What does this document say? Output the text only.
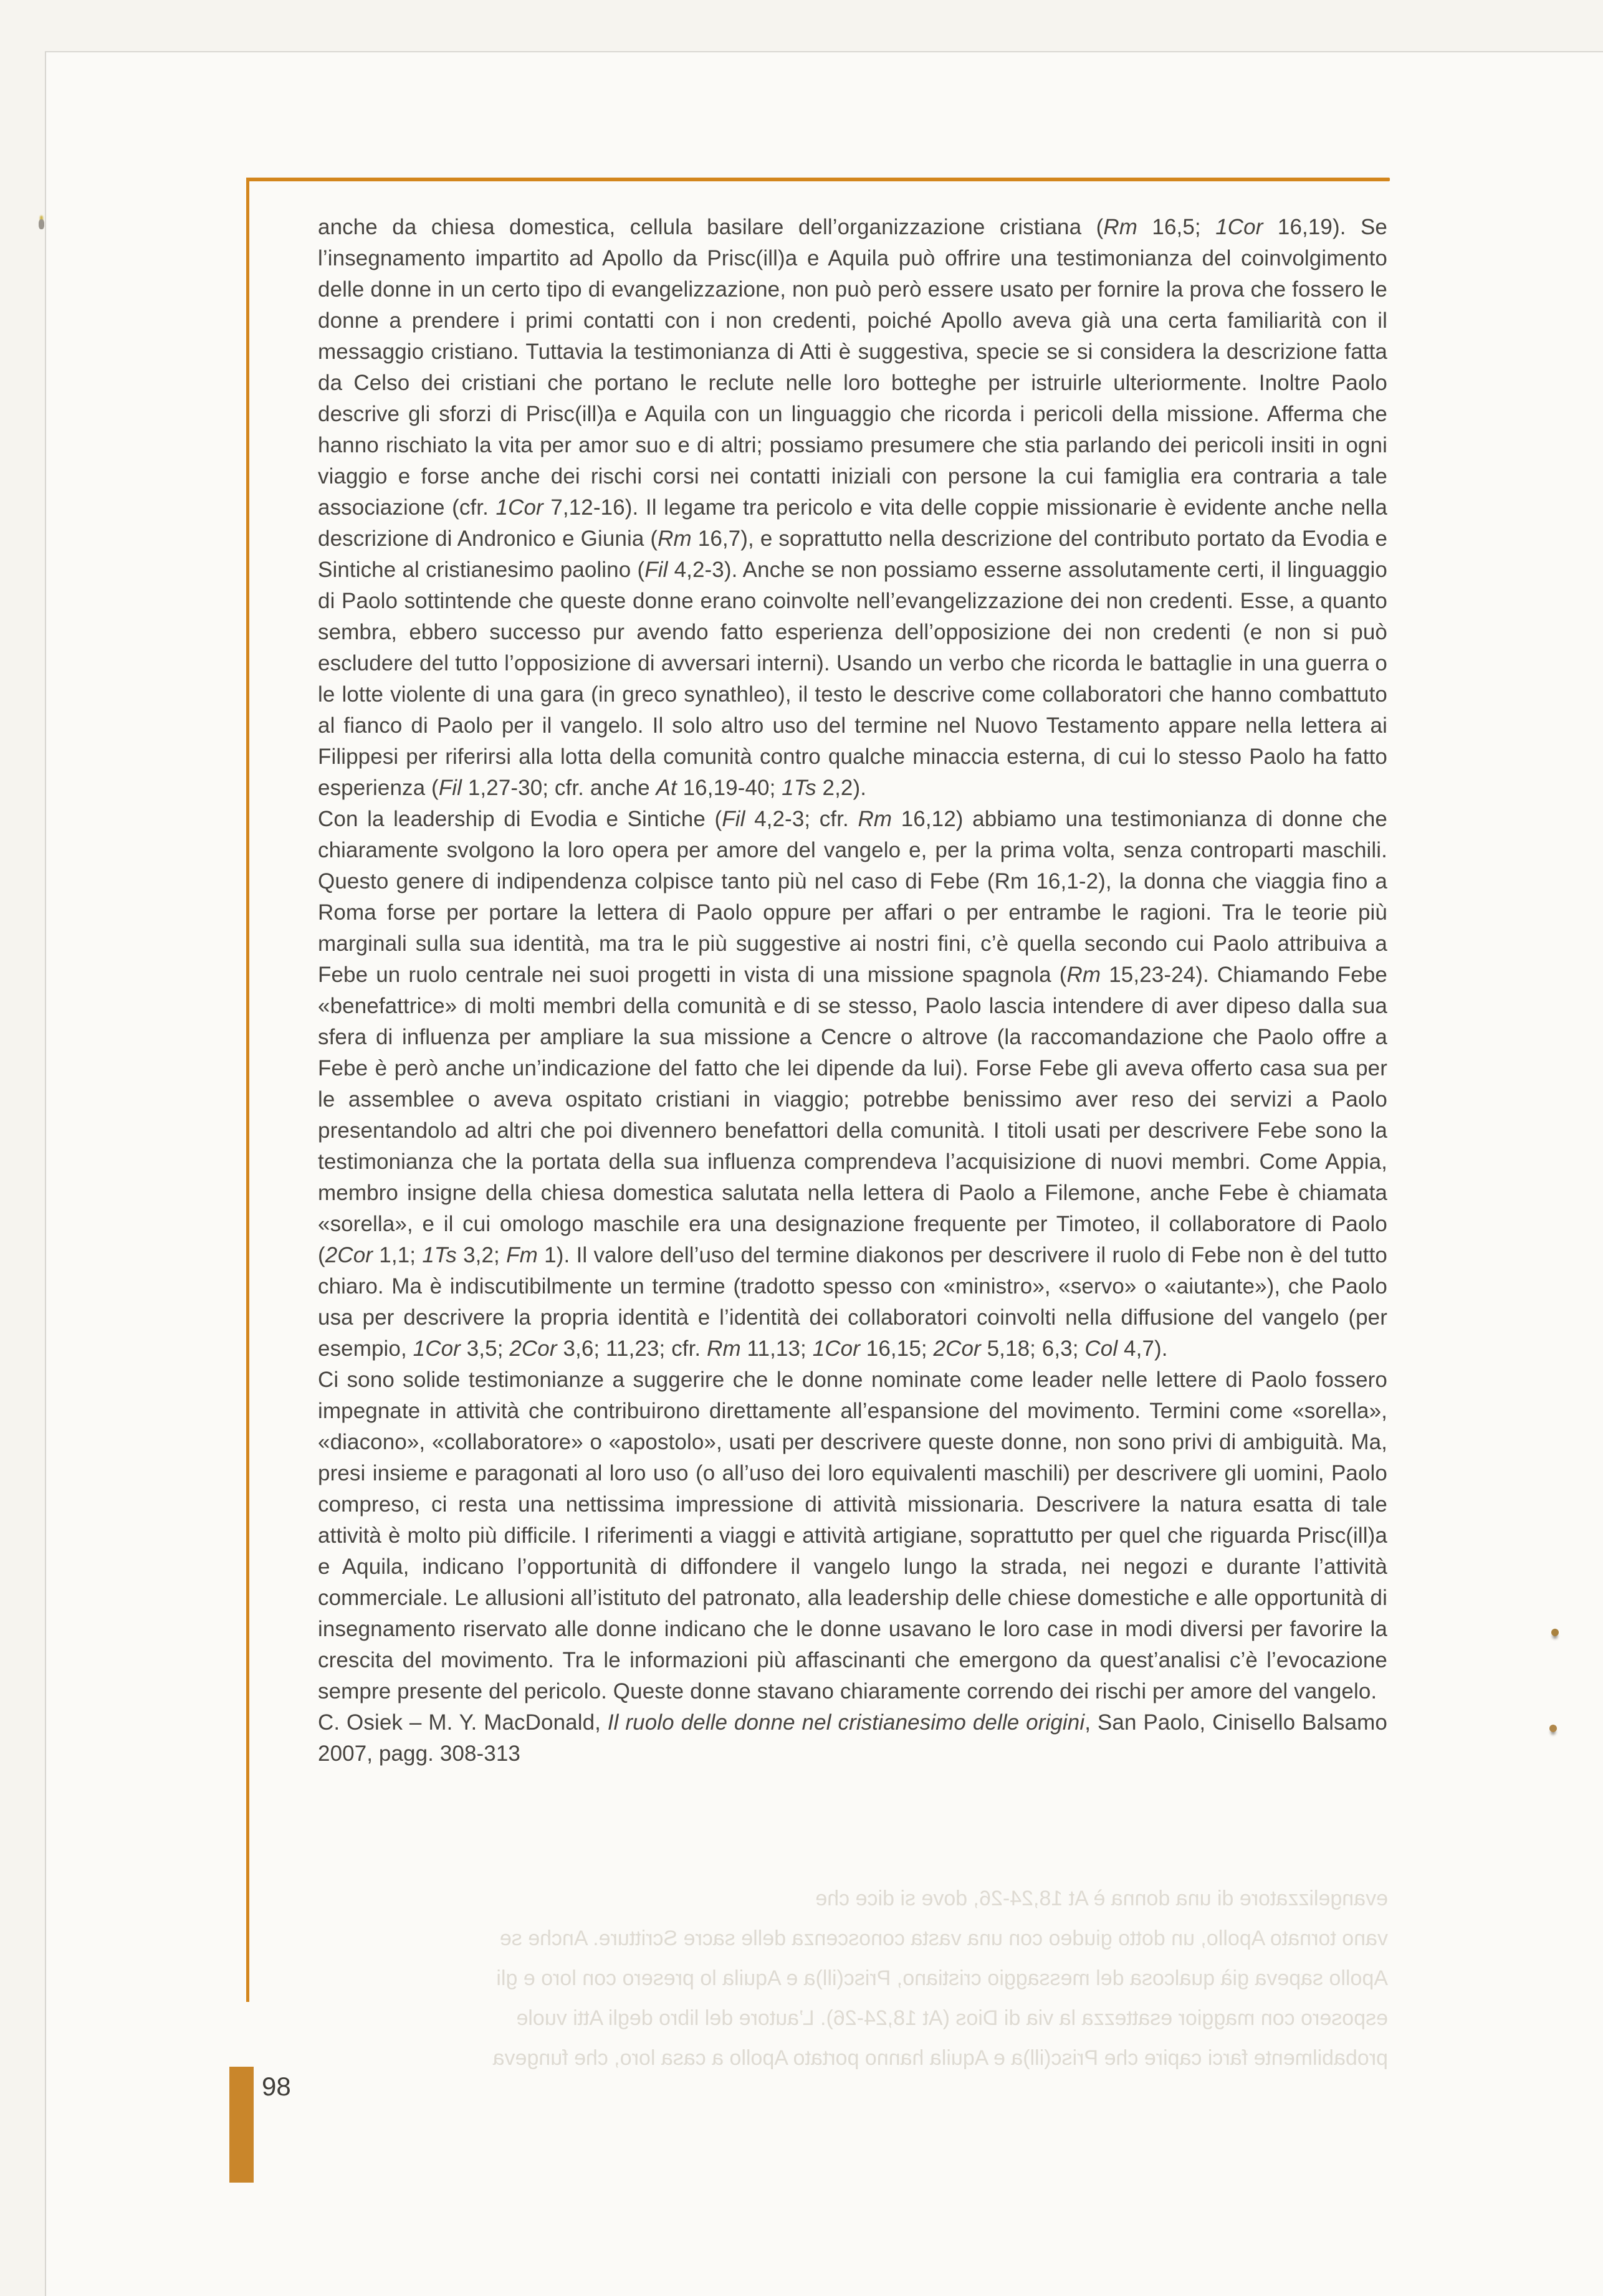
evangelizzatore di una donna è At 18,24-26, dove si dice che
vano tornato Apollo, un dotto giudeo con una vasta conoscenza delle sacre Scritture. Anche se
Apollo sapeva già qualcosa del messaggio cristiano, Prisc(ill)a e Aquila lo presero con loro e gli
esposero con maggior esattezza la via di Dios (At 18,24-26). L’autore del libro degli Atti vuole
probabilmente farci capire che Prisc(ill)a e Aquila hanno portato Apollo a casa loro, che fungeva

anche da chiesa domestica, cellula basilare dell’organizzazione cristiana (Rm 16,5; 1Cor 16,19). Se l’insegnamento impartito ad Apollo da Prisc(ill)a e Aquila può offrire una testimonianza del coinvolgimento delle donne in un certo tipo di evangelizzazione, non può però essere usato per fornire la prova che fossero le donne a prendere i primi contatti con i non credenti, poiché Apollo aveva già una certa familiarità con il messaggio cristiano. Tuttavia la testimonianza di Atti è suggestiva, specie se si considera la descrizione fatta da Celso dei cristiani che portano le reclute nelle loro botteghe per istruirle ulteriormente. Inoltre Paolo descrive gli sforzi di Prisc(ill)a e Aquila con un linguaggio che ricorda i pericoli della missione. Afferma che hanno rischiato la vita per amor suo e di altri; possiamo presumere che stia parlando dei pericoli insiti in ogni viaggio e forse anche dei rischi corsi nei contatti iniziali con persone la cui famiglia era contraria a tale associazione (cfr. 1Cor 7,12-16). Il legame tra pericolo e vita delle coppie missionarie è evidente anche nella descrizione di Andronico e Giunia (Rm 16,7), e soprattutto nella descrizione del contributo portato da Evodia e Sintiche al cristianesimo paolino (Fil 4,2-3). Anche se non possiamo esserne assolutamente certi, il linguaggio di Paolo sottintende che queste donne erano coinvolte nell’evangelizzazione dei non credenti. Esse, a quanto sembra, ebbero successo pur avendo fatto esperienza dell’opposizione dei non credenti (e non si può escludere del tutto l’opposizione di avversari interni). Usando un verbo che ricorda le battaglie in una guerra o le lotte violente di una gara (in greco synathleo), il testo le descrive come collaboratori che hanno combattuto al fianco di Paolo per il vangelo. Il solo altro uso del termine nel Nuovo Testamento appare nella lettera ai Filippesi per riferirsi alla lotta della comunità contro qualche minaccia esterna, di cui lo stesso Paolo ha fatto esperienza (Fil 1,27-30; cfr. anche At 16,19-40; 1Ts 2,2).

Con la leadership di Evodia e Sintiche (Fil 4,2-3; cfr. Rm 16,12) abbiamo una testimonianza di donne che chiaramente svolgono la loro opera per amore del vangelo e, per la prima volta, senza controparti maschili. Questo genere di indipendenza colpisce tanto più nel caso di Febe (Rm 16,1-2), la donna che viaggia fino a Roma forse per portare la lettera di Paolo oppure per affari o per entrambe le ragioni. Tra le teorie più marginali sulla sua identità, ma tra le più suggestive ai nostri fini, c’è quella secondo cui Paolo attribuiva a Febe un ruolo centrale nei suoi progetti in vista di una missione spagnola (Rm 15,23-24). Chiamando Febe «benefattrice» di molti membri della comunità e di se stesso, Paolo lascia intendere di aver dipeso dalla sua sfera di influenza per ampliare la sua missione a Cencre o altrove (la raccomandazione che Paolo offre a Febe è però anche un’indicazione del fatto che lei dipende da lui). Forse Febe gli aveva offerto casa sua per le assemblee o aveva ospitato cristiani in viaggio; potrebbe benissimo aver reso dei servizi a Paolo presentandolo ad altri che poi divennero benefattori della comunità. I titoli usati per descrivere Febe sono la testimonianza che la portata della sua influenza comprendeva l’acquisizione di nuovi membri. Come Appia, membro insigne della chiesa domestica salutata nella lettera di Paolo a Filemone, anche Febe è chiamata «sorella», e il cui omologo maschile era una designazione frequente per Timoteo, il collaboratore di Paolo (2Cor 1,1; 1Ts 3,2; Fm 1). Il valore dell’uso del termine diakonos per descrivere il ruolo di Febe non è del tutto chiaro. Ma è indiscutibilmente un termine (tradotto spesso con «ministro», «servo» o «aiutante»), che Paolo usa per descrivere la propria identità e l’identità dei collaboratori coinvolti nella diffusione del vangelo (per esempio, 1Cor 3,5; 2Cor 3,6; 11,23; cfr. Rm 11,13; 1Cor 16,15; 2Cor 5,18; 6,3; Col 4,7).

Ci sono solide testimonianze a suggerire che le donne nominate come leader nelle lettere di Paolo fossero impegnate in attività che contribuirono direttamente all’espansione del movimento. Termini come «sorella», «diacono», «collaboratore» o «apostolo», usati per descrivere queste donne, non sono privi di ambiguità. Ma, presi insieme e paragonati al loro uso (o all’uso dei loro equivalenti maschili) per descrivere gli uomini, Paolo compreso, ci resta una nettissima impressione di attività missionaria. Descrivere la natura esatta di tale attività è molto più difficile. I riferimenti a viaggi e attività artigiane, soprattutto per quel che riguarda Prisc(ill)a e Aquila, indicano l’opportunità di diffondere il vangelo lungo la strada, nei negozi e durante l’attività commerciale. Le allusioni all’istituto del patronato, alla leadership delle chiese domestiche e alle opportunità di insegnamento riservato alle donne indicano che le donne usavano le loro case in modi diversi per favorire la crescita del movimento. Tra le informazioni più affascinanti che emergono da quest’analisi c’è l’evocazione sempre presente del pericolo. Queste donne stavano chiaramente correndo dei rischi per amore del vangelo.

C. Osiek – M. Y. MacDonald, Il ruolo delle donne nel cristianesimo delle origini, San Paolo, Cinisello Balsamo 2007, pagg. 308-313

98
